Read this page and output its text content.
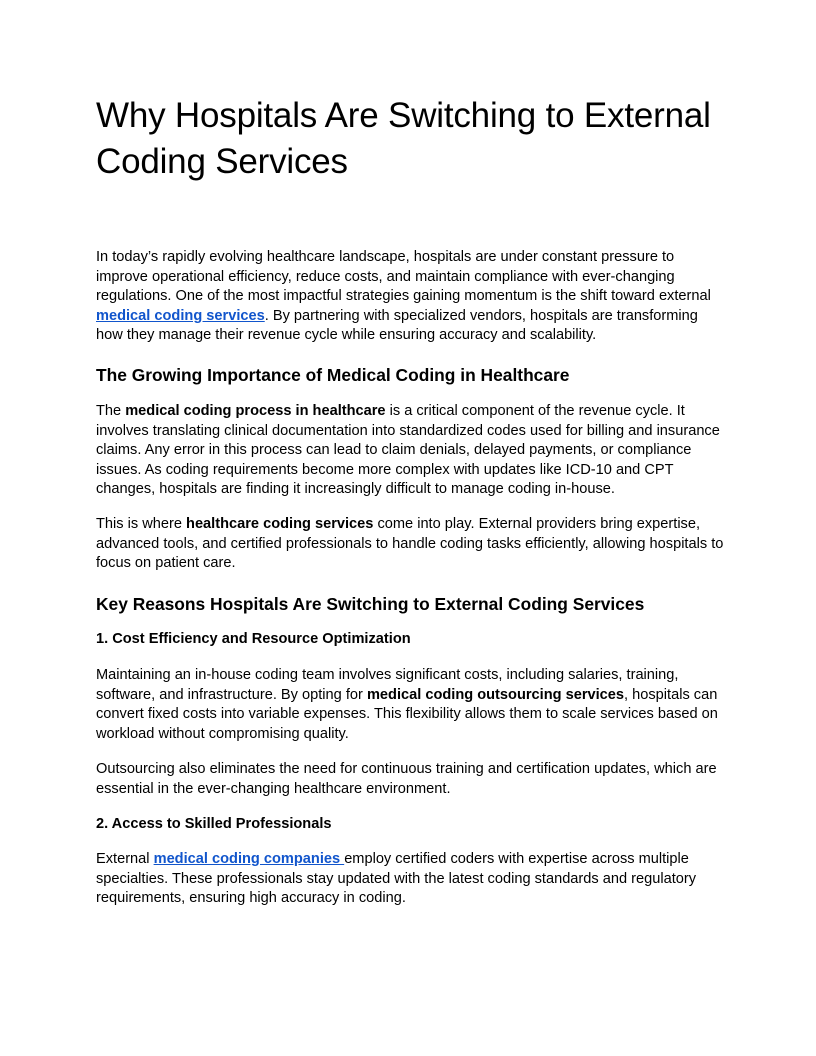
Why Hospitals Are Switching to External Coding Services

In today’s rapidly evolving healthcare landscape, hospitals are under constant pressure to improve operational efficiency, reduce costs, and maintain compliance with ever-changing regulations. One of the most impactful strategies gaining momentum is the shift toward external medical coding services. By partnering with specialized vendors, hospitals are transforming how they manage their revenue cycle while ensuring accuracy and scalability.

The Growing Importance of Medical Coding in Healthcare

The medical coding process in healthcare is a critical component of the revenue cycle. It involves translating clinical documentation into standardized codes used for billing and insurance claims. Any error in this process can lead to claim denials, delayed payments, or compliance issues. As coding requirements become more complex with updates like ICD-10 and CPT changes, hospitals are finding it increasingly difficult to manage coding in-house.

This is where healthcare coding services come into play. External providers bring expertise, advanced tools, and certified professionals to handle coding tasks efficiently, allowing hospitals to focus on patient care.

Key Reasons Hospitals Are Switching to External Coding Services
1. Cost Efficiency and Resource Optimization

Maintaining an in-house coding team involves significant costs, including salaries, training, software, and infrastructure. By opting for medical coding outsourcing services, hospitals can convert fixed costs into variable expenses. This flexibility allows them to scale services based on workload without compromising quality.

Outsourcing also eliminates the need for continuous training and certification updates, which are essential in the ever-changing healthcare environment.

2. Access to Skilled Professionals

External medical coding companies employ certified coders with expertise across multiple specialties. These professionals stay updated with the latest coding standards and regulatory requirements, ensuring high accuracy in coding.
